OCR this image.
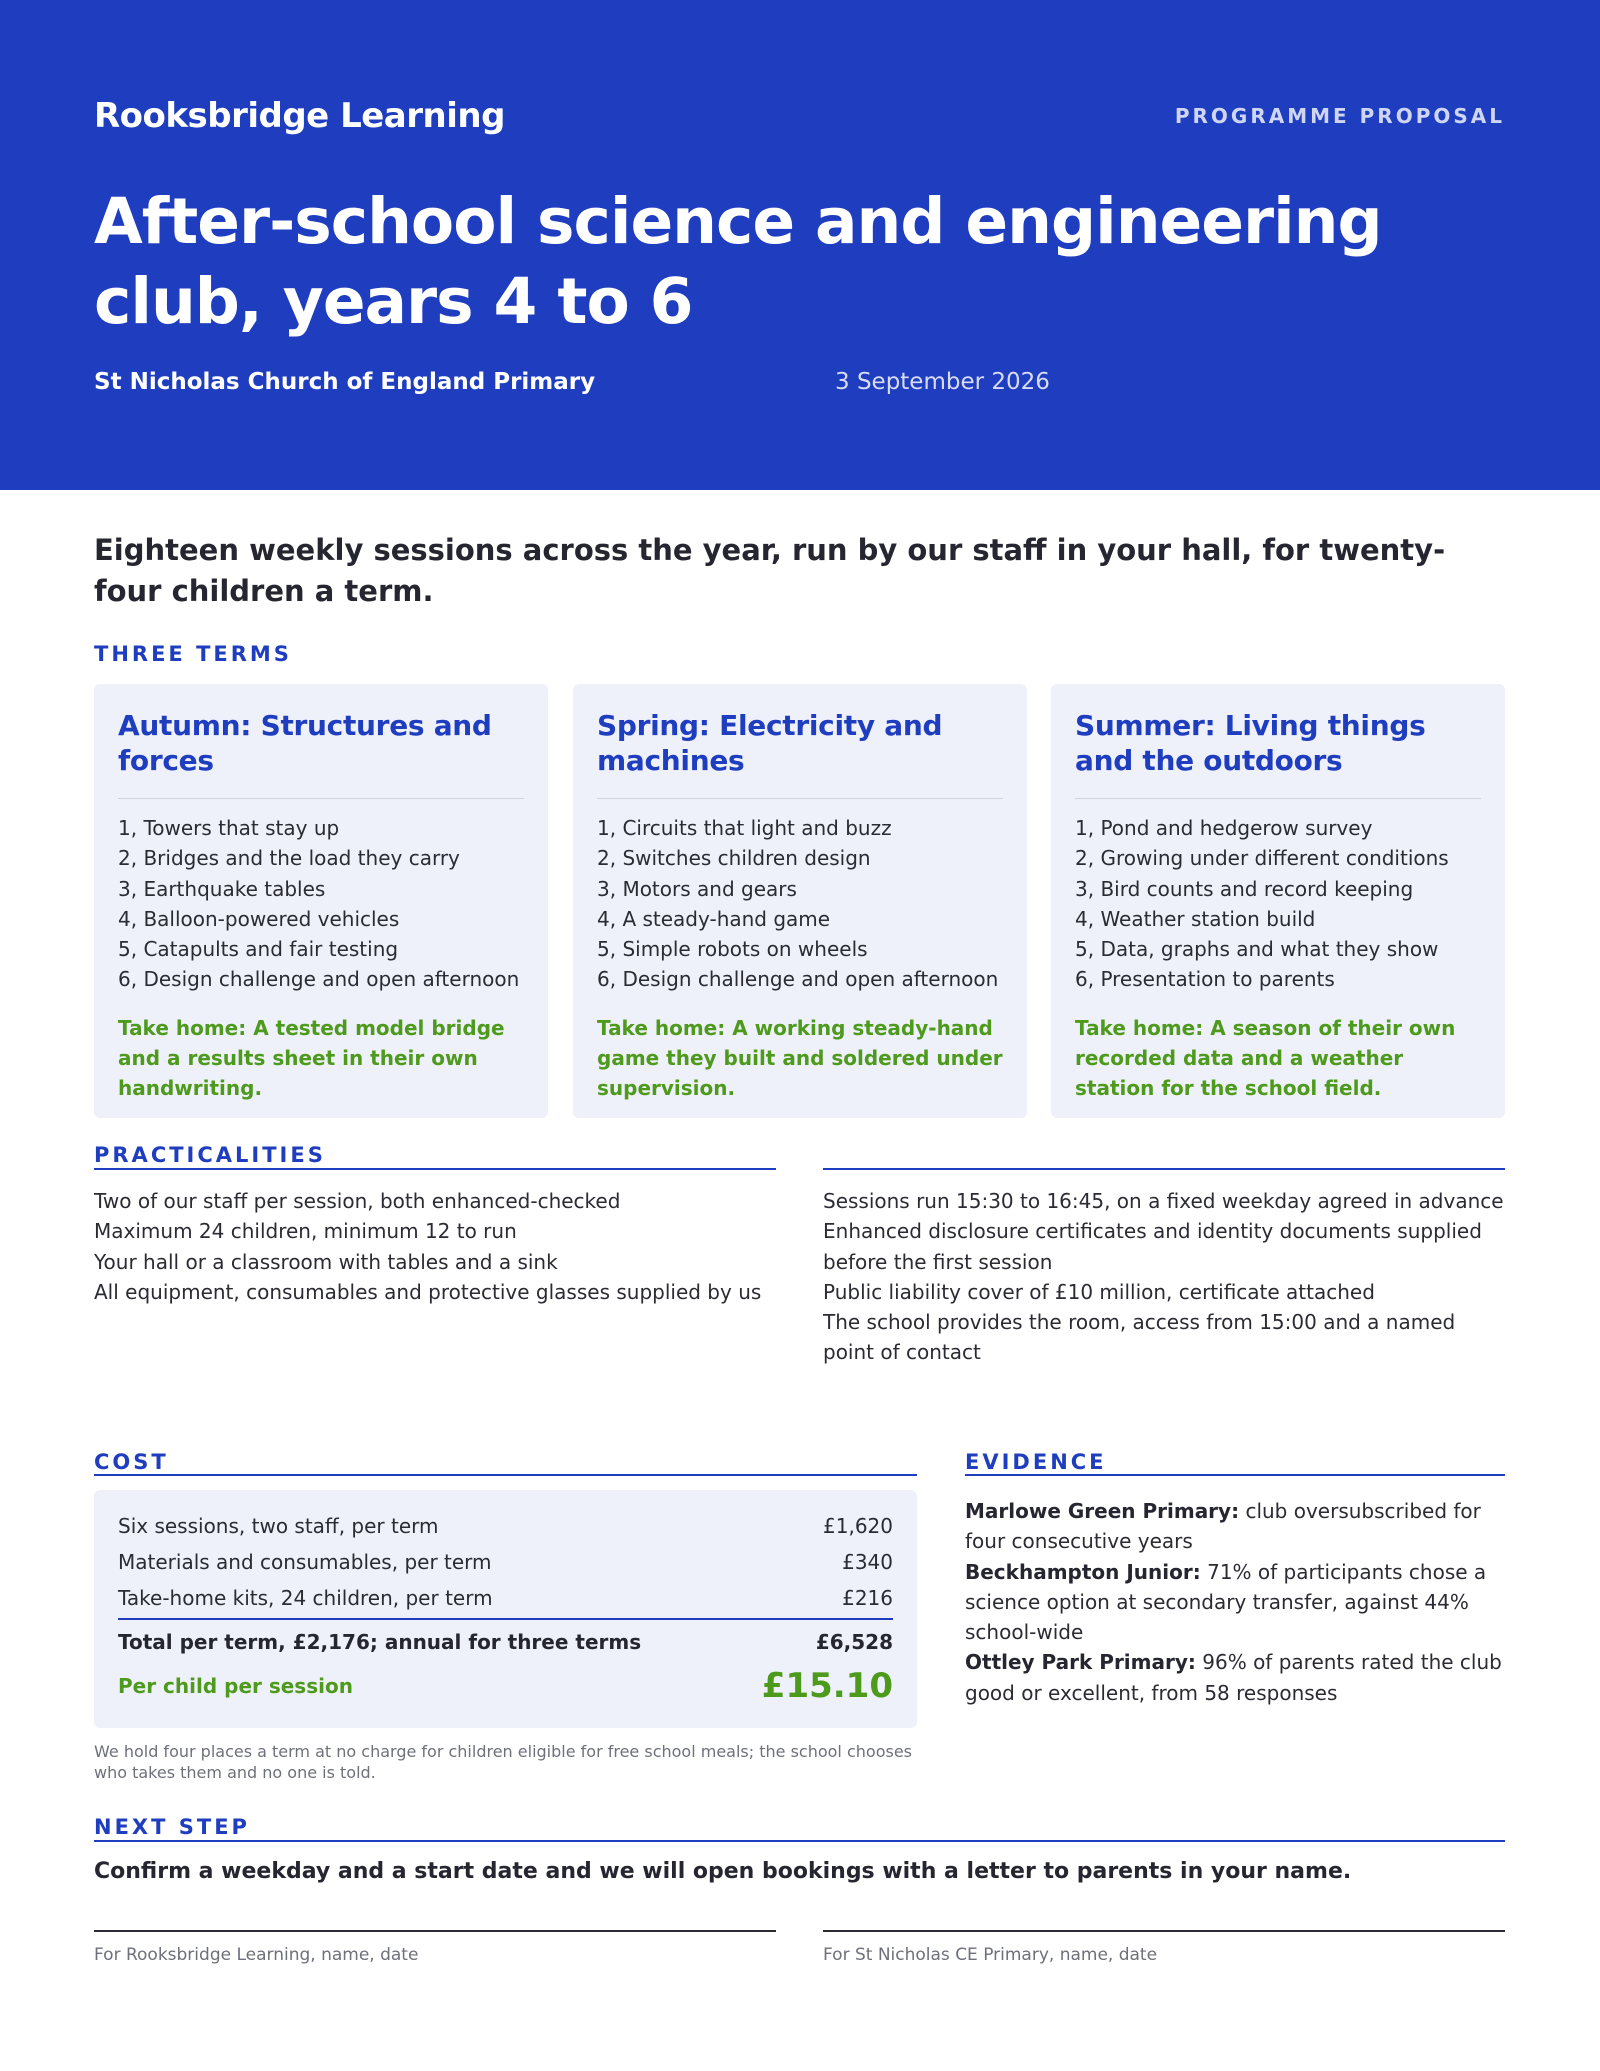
Rooksbridge Learning	PROGRAMME PROPOSAL
After-school science and engineering club, years 4 to 6
St Nicholas Church of England Primary	3 September 2026
Eighteen weekly sessions across the year, run by our staff in your hall, for twenty-four children a term.
THREE TERMS
Autumn: Structures and forces
1, Towers that stay up
2, Bridges and the load they carry
3, Earthquake tables
4, Balloon-powered vehicles
5, Catapults and fair testing
6, Design challenge and open afternoon
Take home: A tested model bridge and a results sheet in their own handwriting.
Spring: Electricity and machines
1, Circuits that light and buzz
2, Switches children design
3, Motors and gears
4, A steady-hand game
5, Simple robots on wheels
6, Design challenge and open afternoon
Take home: A working steady-hand game they built and soldered under supervision.
Summer: Living things and the outdoors
1, Pond and hedgerow survey
2, Growing under different conditions
3, Bird counts and record keeping
4, Weather station build
5, Data, graphs and what they show
6, Presentation to parents
Take home: A season of their own recorded data and a weather station for the school field.
PRACTICALITIES
Two of our staff per session, both enhanced-checked
Maximum 24 children, minimum 12 to run
Your hall or a classroom with tables and a sink
All equipment, consumables and protective glasses supplied by us
Sessions run 15:30 to 16:45, on a fixed weekday agreed in advance
Enhanced disclosure certificates and identity documents supplied before the first session
Public liability cover of £10 million, certificate attached
The school provides the room, access from 15:00 and a named point of contact
COST
Six sessions, two staff, per term	£1,620
Materials and consumables, per term	£340
Take-home kits, 24 children, per term	£216
Total per term, £2,176; annual for three terms	£6,528
Per child per session	£15.10
We hold four places a term at no charge for children eligible for free school meals; the school chooses who takes them and no one is told.
EVIDENCE

Marlowe Green Primary: club oversubscribed for four consecutive years

Beckhampton Junior: 71% of participants chose a science option at secondary transfer, against 44% school-wide

Ottley Park Primary: 96% of parents rated the club good or excellent, from 58 responses

NEXT STEP
Confirm a weekday and a start date and we will open bookings with a letter to parents in your name.
For Rooksbridge Learning, name, date	For St Nicholas CE Primary, name, date
